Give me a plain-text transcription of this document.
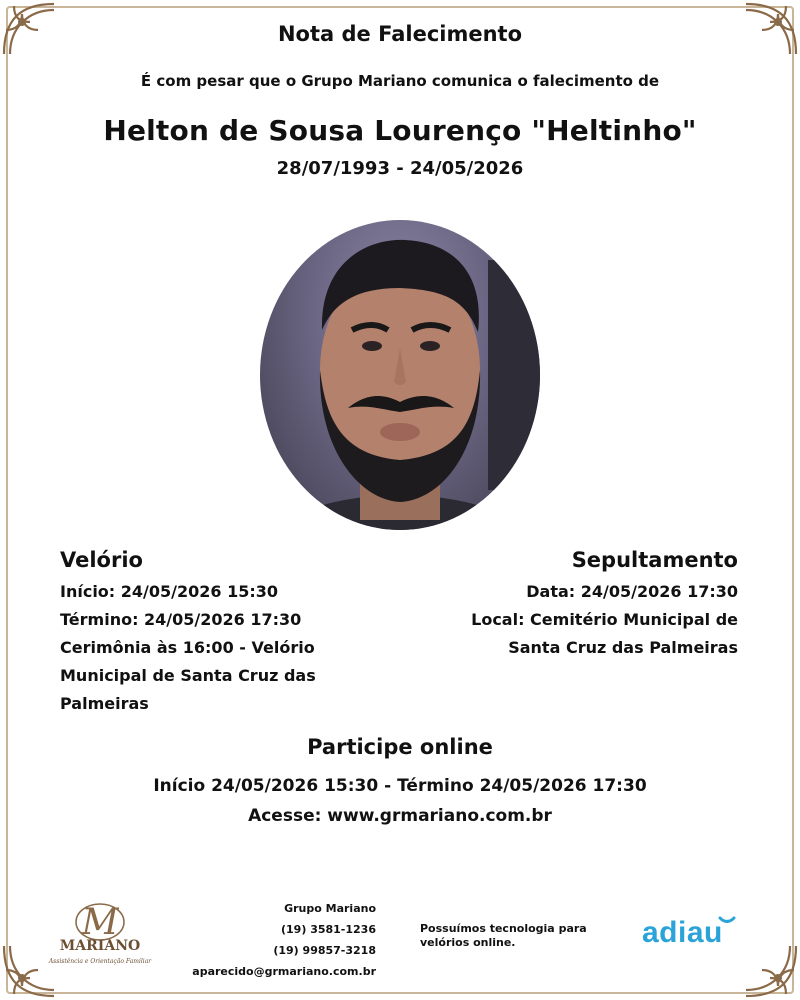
Nota de Falecimento
É com pesar que o Grupo Mariano comunica o falecimento de
Helton de Sousa Lourenço "Heltinho"
28/07/1993 - 24/05/2026
Velório

Início: 24/05/2026 15:30

Término: 24/05/2026 17:30

Cerimônia às 16:00 - Velório

Municipal de Santa Cruz das

Palmeiras

Sepultamento

Data: 24/05/2026 17:30

Local: Cemitério Municipal de

Santa Cruz das Palmeiras

Participe online
Início 24/05/2026 15:30 - Término 24/05/2026 17:30
Acesse: www.grmariano.com.br
M
MARIANO
Assistência e Orientação Familiar
Grupo Mariano
(19) 3581-1236
(19) 99857-3218
aparecido@grmariano.com.br
Possuímos tecnologia para velórios online.	adiau
